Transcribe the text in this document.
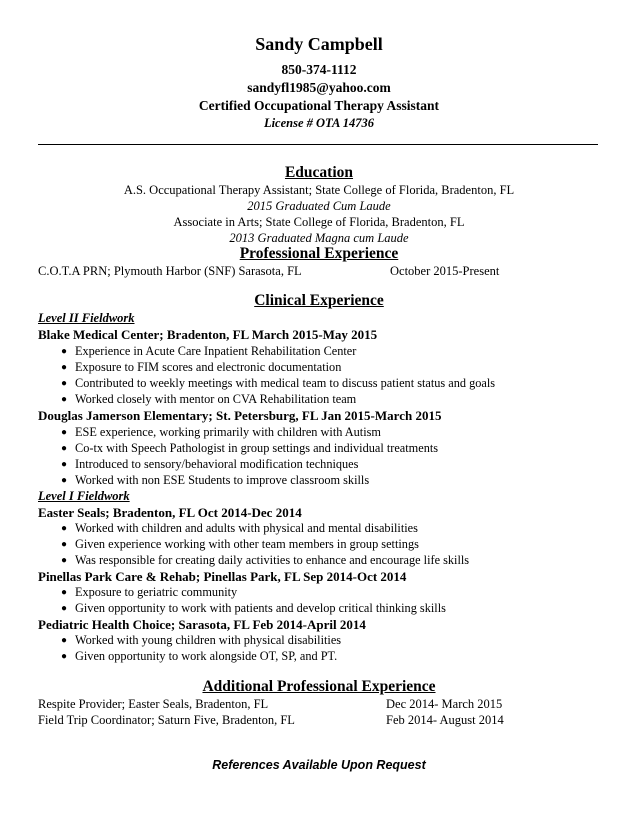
Sandy Campbell
850-374-1112
sandyfl1985@yahoo.com
Certified Occupational Therapy Assistant
License # OTA 14736
Education
A.S. Occupational Therapy Assistant; State College of Florida, Bradenton, FL
2015 Graduated Cum Laude
Associate in Arts; State College of Florida, Bradenton, FL
2013 Graduated Magna cum Laude
Professional Experience
C.O.T.A PRN; Plymouth Harbor (SNF) Sarasota, FL	October 2015-Present
Clinical Experience
Level II Fieldwork
Blake Medical Center; Bradenton, FL March 2015-May 2015
● Experience in Acute Care Inpatient Rehabilitation Center
● Exposure to FIM scores and electronic documentation
● Contributed to weekly meetings with medical team to discuss patient status and goals
● Worked closely with mentor on CVA Rehabilitation team
Douglas Jamerson Elementary; St. Petersburg, FL Jan 2015-March 2015
● ESE experience, working primarily with children with Autism
● Co-tx with Speech Pathologist in group settings and individual treatments
● Introduced to sensory/behavioral modification techniques
● Worked with non ESE Students to improve classroom skills
Level I Fieldwork
Easter Seals; Bradenton, FL Oct 2014-Dec 2014
● Worked with children and adults with physical and mental disabilities
● Given experience working with other team members in group settings
● Was responsible for creating daily activities to enhance and encourage life skills
Pinellas Park Care & Rehab; Pinellas Park, FL Sep 2014-Oct 2014
● Exposure to geriatric community
● Given opportunity to work with patients and develop critical thinking skills
Pediatric Health Choice; Sarasota, FL Feb 2014-April 2014
● Worked with young children with physical disabilities
● Given opportunity to work alongside OT, SP, and PT.
Additional Professional Experience
Respite Provider; Easter Seals, Bradenton, FL	Dec 2014- March 2015
Field Trip Coordinator; Saturn Five, Bradenton, FL	Feb 2014- August 2014
References Available Upon Request
